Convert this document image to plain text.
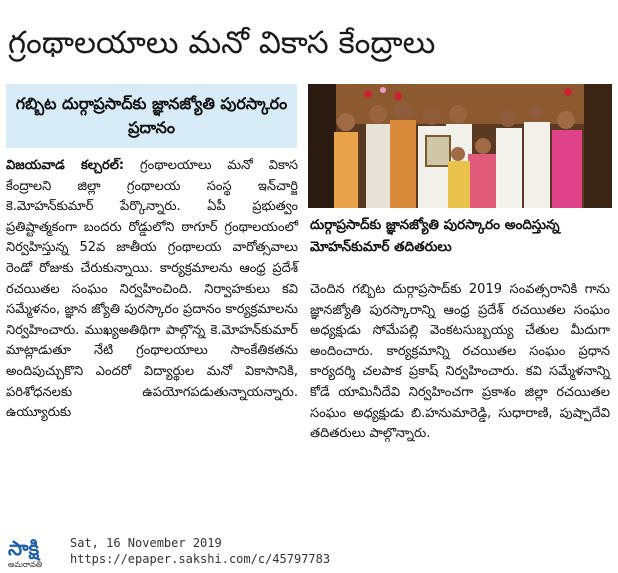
గ్రంథాలయాలు మనో వికాస కేంద్రాలు
గబ్బిట దుర్గాప్రసాద్‌కు జ్ఞానజ్యోతి పురస్కారం ప్రదానం
దుర్గాప్రసాద్‌కు జ్ఞానజ్యోతి పురస్కారం అందిస్తున్న మోహన్‌కుమార్ తదితరులు
విజయవాడ కల్చరల్: గ్రంథాలయాలు మనో వికాస కేంద్రాలని జిల్లా గ్రంథాలయ సంస్థ ఇన్‌చార్జి కె.మోహన్‌కుమార్ పేర్కొన్నారు. ఏపీ ప్రభుత్వం ప్రతిష్టాత్మకంగా బందరు రోడ్డులోని ఠాగూర్ గ్రంథాలయంలో నిర్వహిస్తున్న 52వ జాతీయ గ్రంథాలయ వారోత్సవాలు రెండో రోజుకు చేరుకున్నాయి. కార్యక్రమాలను ఆంధ్ర ప్రదేశ్ రచయితల సంఘం నిర్వహించింది. నిర్వాహకులు కవి సమ్మేళనం, జ్ఞాన జ్యోతి పురస్కారం ప్రదానం కార్యక్రమాలను నిర్వహించారు. ముఖ్యఅతిథిగా పాల్గొన్న కె.మోహన్‌కుమార్ మాట్లాడుతూ నేటి గ్రంథాలయాలు సాంకేతికతను అందిపుచ్చుకొని ఎందరో విద్యార్థుల మనో వికాసానికి, పరిశోధనలకు ఉపయోగపడుతున్నాయన్నారు. ఉయ్యూరుకు
చెందిన గబ్బిట దుర్గాప్రసాద్‌కు 2019 సంవత్సరానికి గాను జ్ఞానజ్యోతి పురస్కారాన్ని ఆంధ్ర ప్రదేశ్ రచయితల సంఘం అధ్యక్షుడు సోమేపల్లి వెంకటసుబ్బయ్య చేతుల మీదుగా అందించారు. కార్యక్రమాన్ని రచయితల సంఘం ప్రధాన కార్యదర్శి చలపాక ప్రకాష్ నిర్వహించారు. కవి సమ్మేళనాన్ని కోడే యామినీదేవి నిర్వహించగా ప్రకాశం జిల్లా రచయితల సంఘం అధ్యక్షుడు బి.హనుమారెడ్డి, సుధారాణి, పుష్పాదేవి తదితరులు పాల్గొన్నారు.
సాక్షి
అమరావతి
Sat, 16 November 2019
https://epaper.sakshi.com/c/45797783
